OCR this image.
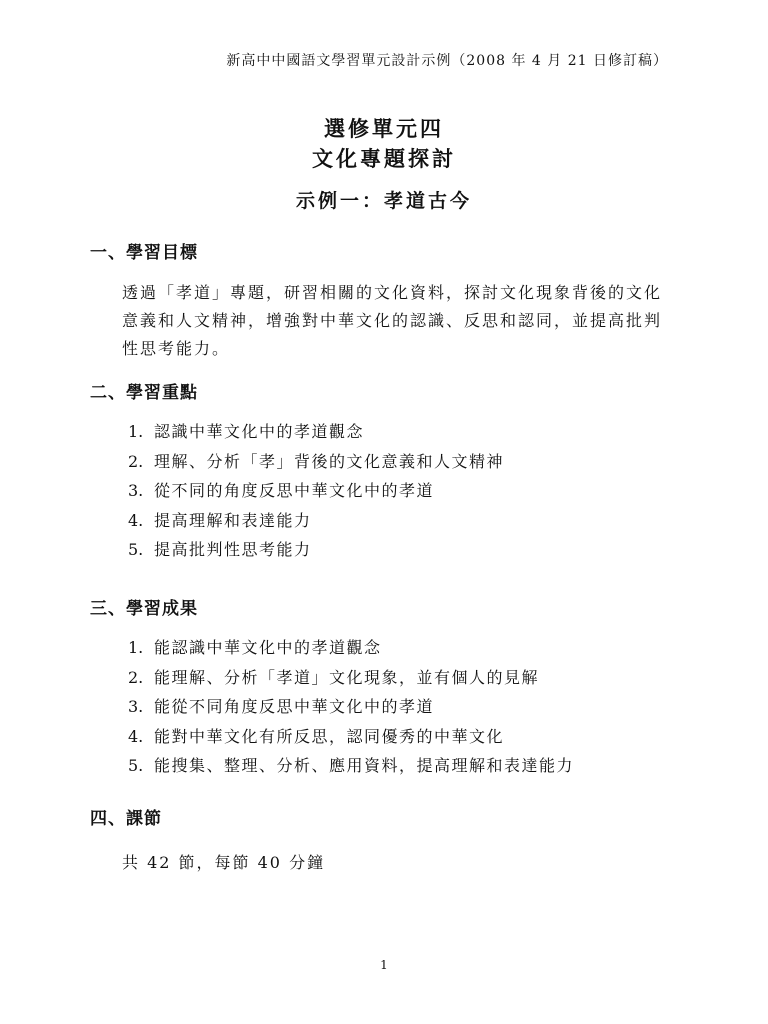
新高中中國語文學習單元設計示例（2008 年 4 月 21 日修訂稿）

選修單元四

文化專題探討

示例一：孝道古今

一、學習目標

透過「孝道」專題，研習相關的文化資料，探討文化現象背後的文化意義和人文精神，增強對中華文化的認識、反思和認同，並提高批判性思考能力。

二、學習重點

1. 認識中華文化中的孝道觀念
2. 理解、分析「孝」背後的文化意義和人文精神
3. 從不同的角度反思中華文化中的孝道
4. 提高理解和表達能力
5. 提高批判性思考能力

三、學習成果

1. 能認識中華文化中的孝道觀念
2. 能理解、分析「孝道」文化現象，並有個人的見解
3. 能從不同角度反思中華文化中的孝道
4. 能對中華文化有所反思，認同優秀的中華文化
5. 能搜集、整理、分析、應用資料，提高理解和表達能力

四、課節

共 42 節，每節 40 分鐘

1
